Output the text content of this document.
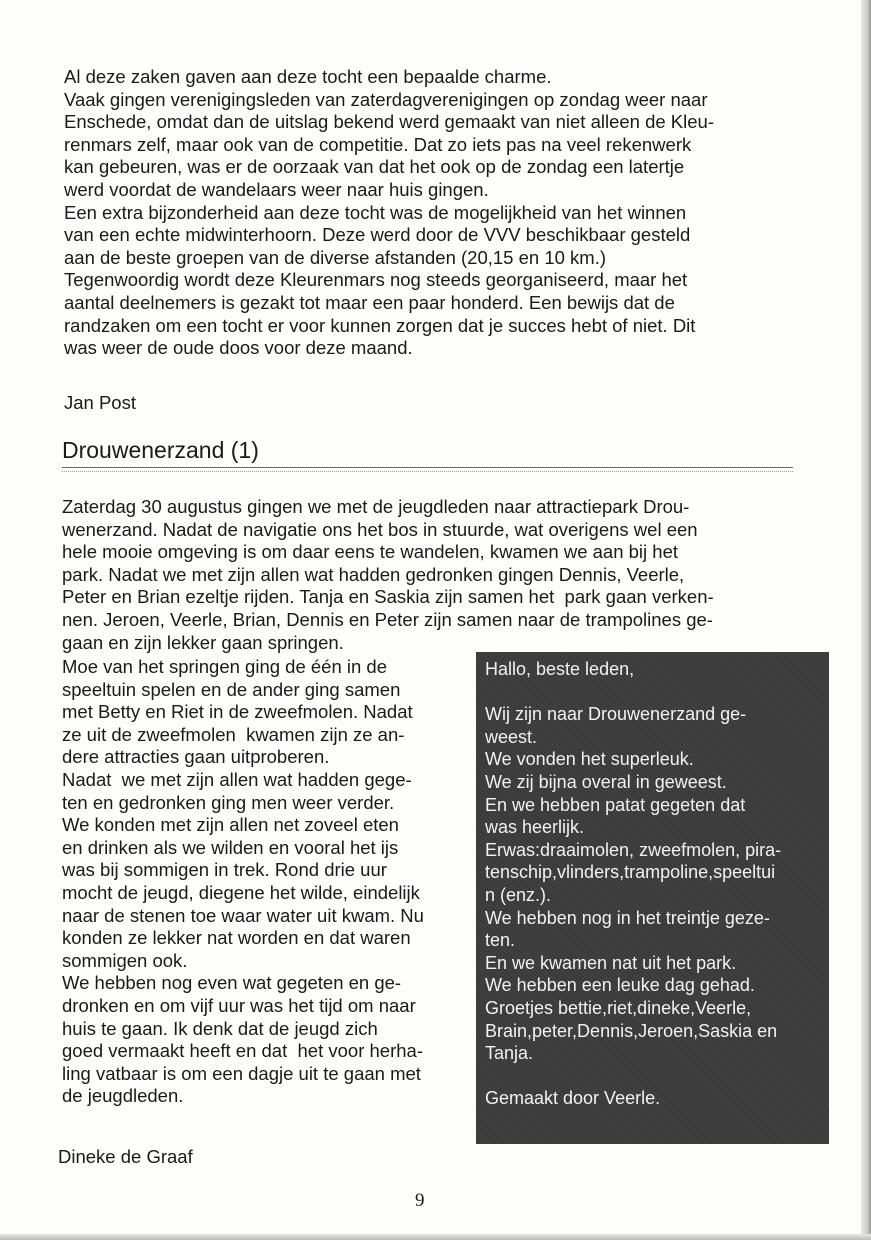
Al deze zaken gaven aan deze tocht een bepaalde charme.
Vaak gingen verenigingsleden van zaterdagverenigingen op zondag weer naar
Enschede, omdat dan de uitslag bekend werd gemaakt van niet alleen de Kleu-
renmars zelf, maar ook van de competitie. Dat zo iets pas na veel rekenwerk
kan gebeuren, was er de oorzaak van dat het ook op de zondag een latertje
werd voordat de wandelaars weer naar huis gingen.
Een extra bijzonderheid aan deze tocht was de mogelijkheid van het winnen
van een echte midwinterhoorn. Deze werd door de VVV beschikbaar gesteld
aan de beste groepen van de diverse afstanden (20,15 en 10 km.)
Tegenwoordig wordt deze Kleurenmars nog steeds georganiseerd, maar het
aantal deelnemers is gezakt tot maar een paar honderd. Een bewijs dat de
randzaken om een tocht er voor kunnen zorgen dat je succes hebt of niet. Dit
was weer de oude doos voor deze maand.
Jan Post
Drouwenerzand (1)
Zaterdag 30 augustus gingen we met de jeugdleden naar attractiepark Drou-
wenerzand. Nadat de navigatie ons het bos in stuurde, wat overigens wel een
hele mooie omgeving is om daar eens te wandelen, kwamen we aan bij het
park. Nadat we met zijn allen wat hadden gedronken gingen Dennis, Veerle,
Peter en Brian ezeltje rijden. Tanja en Saskia zijn samen het  park gaan verken-
nen. Jeroen, Veerle, Brian, Dennis en Peter zijn samen naar de trampolines ge-
gaan en zijn lekker gaan springen.
Moe van het springen ging de één in de
speeltuin spelen en de ander ging samen
met Betty en Riet in de zweefmolen. Nadat
ze uit de zweefmolen  kwamen zijn ze an-
dere attracties gaan uitproberen.
Nadat  we met zijn allen wat hadden gege-
ten en gedronken ging men weer verder.
We konden met zijn allen net zoveel eten
en drinken als we wilden en vooral het ijs
was bij sommigen in trek. Rond drie uur
mocht de jeugd, diegene het wilde, eindelijk
naar de stenen toe waar water uit kwam. Nu
konden ze lekker nat worden en dat waren
sommigen ook.
We hebben nog even wat gegeten en ge-
dronken en om vijf uur was het tijd om naar
huis te gaan. Ik denk dat de jeugd zich
goed vermaakt heeft en dat  het voor herha-
ling vatbaar is om een dagje uit te gaan met
de jeugdleden.
Hallo, beste leden,

Wij zijn naar Drouwenerzand ge-
weest.
We vonden het superleuk.
We zij bijna overal in geweest.
En we hebben patat gegeten dat
was heerlijk.
Erwas:draaimolen, zweefmolen, pira-
tenschip,vlinders,trampoline,speeltui
n (enz.).
We hebben nog in het treintje geze-
ten.
En we kwamen nat uit het park.
We hebben een leuke dag gehad.
Groetjes bettie,riet,dineke,Veerle,
Brain,peter,Dennis,Jeroen,Saskia en
Tanja.

Gemaakt door Veerle.
Dineke de Graaf
9
